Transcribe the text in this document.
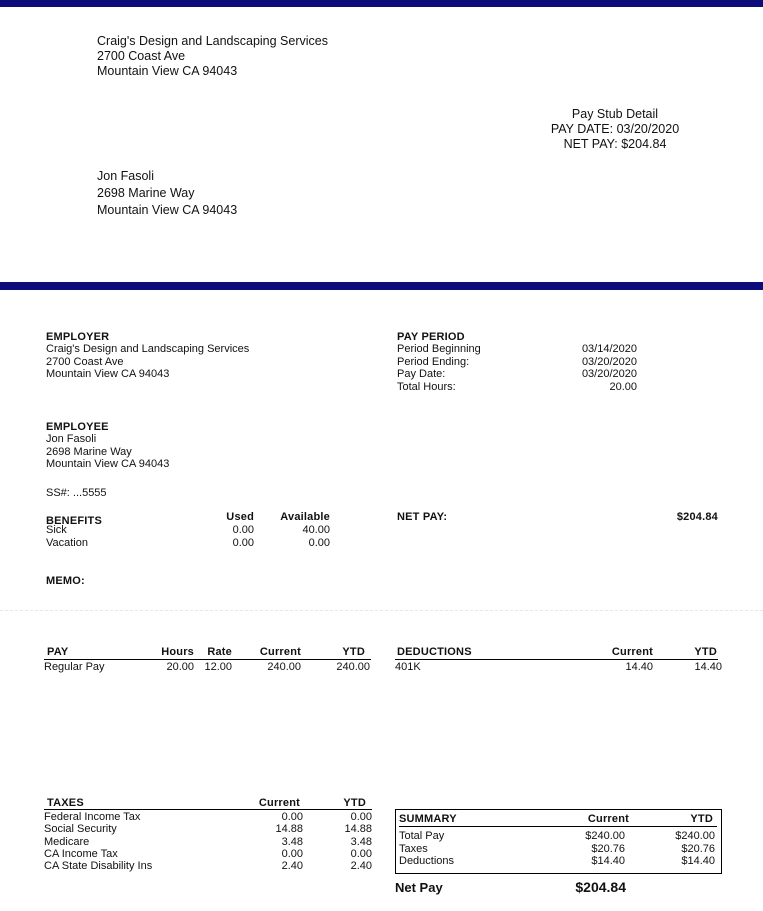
Craig's Design and Landscaping Services
2700 Coast Ave
Mountain View CA 94043
Pay Stub Detail
PAY DATE: 03/20/2020
NET PAY: $204.84
Jon Fasoli
2698 Marine Way
Mountain View CA 94043
EMPLOYER
Craig's Design and Landscaping Services
2700 Coast Ave
Mountain View CA 94043
PAY PERIOD
Period Beginning	03/14/2020
Period Ending:	03/20/2020
Pay Date:	03/20/2020
Total Hours:	20.00
EMPLOYEE
Jon Fasoli
2698 Marine Way
Mountain View CA 94043
SS#: ...5555
BENEFITS	Used Available
Sick	0.00	40.00
Vacation	0.00	0.00
NET PAY:	$204.84
MEMO:
PAY	Hours	Rate	Current	YTD
Regular Pay	20.00 12.00	240.00	240.00
DEDUCTIONS	Current	YTD
401K	14.40	14.40
TAXES	Current	YTD
Federal Income Tax	0.00	0.00
Social Security	14.88	14.88
Medicare	3.48	3.48
CA Income Tax	0.00	0.00
CA State Disability Ins	2.40	2.40
SUMMARY	Current	YTD
Total Pay	$240.00	$240.00
Taxes	$20.76	$20.76
Deductions	$14.40	$14.40
Net Pay	$204.84
